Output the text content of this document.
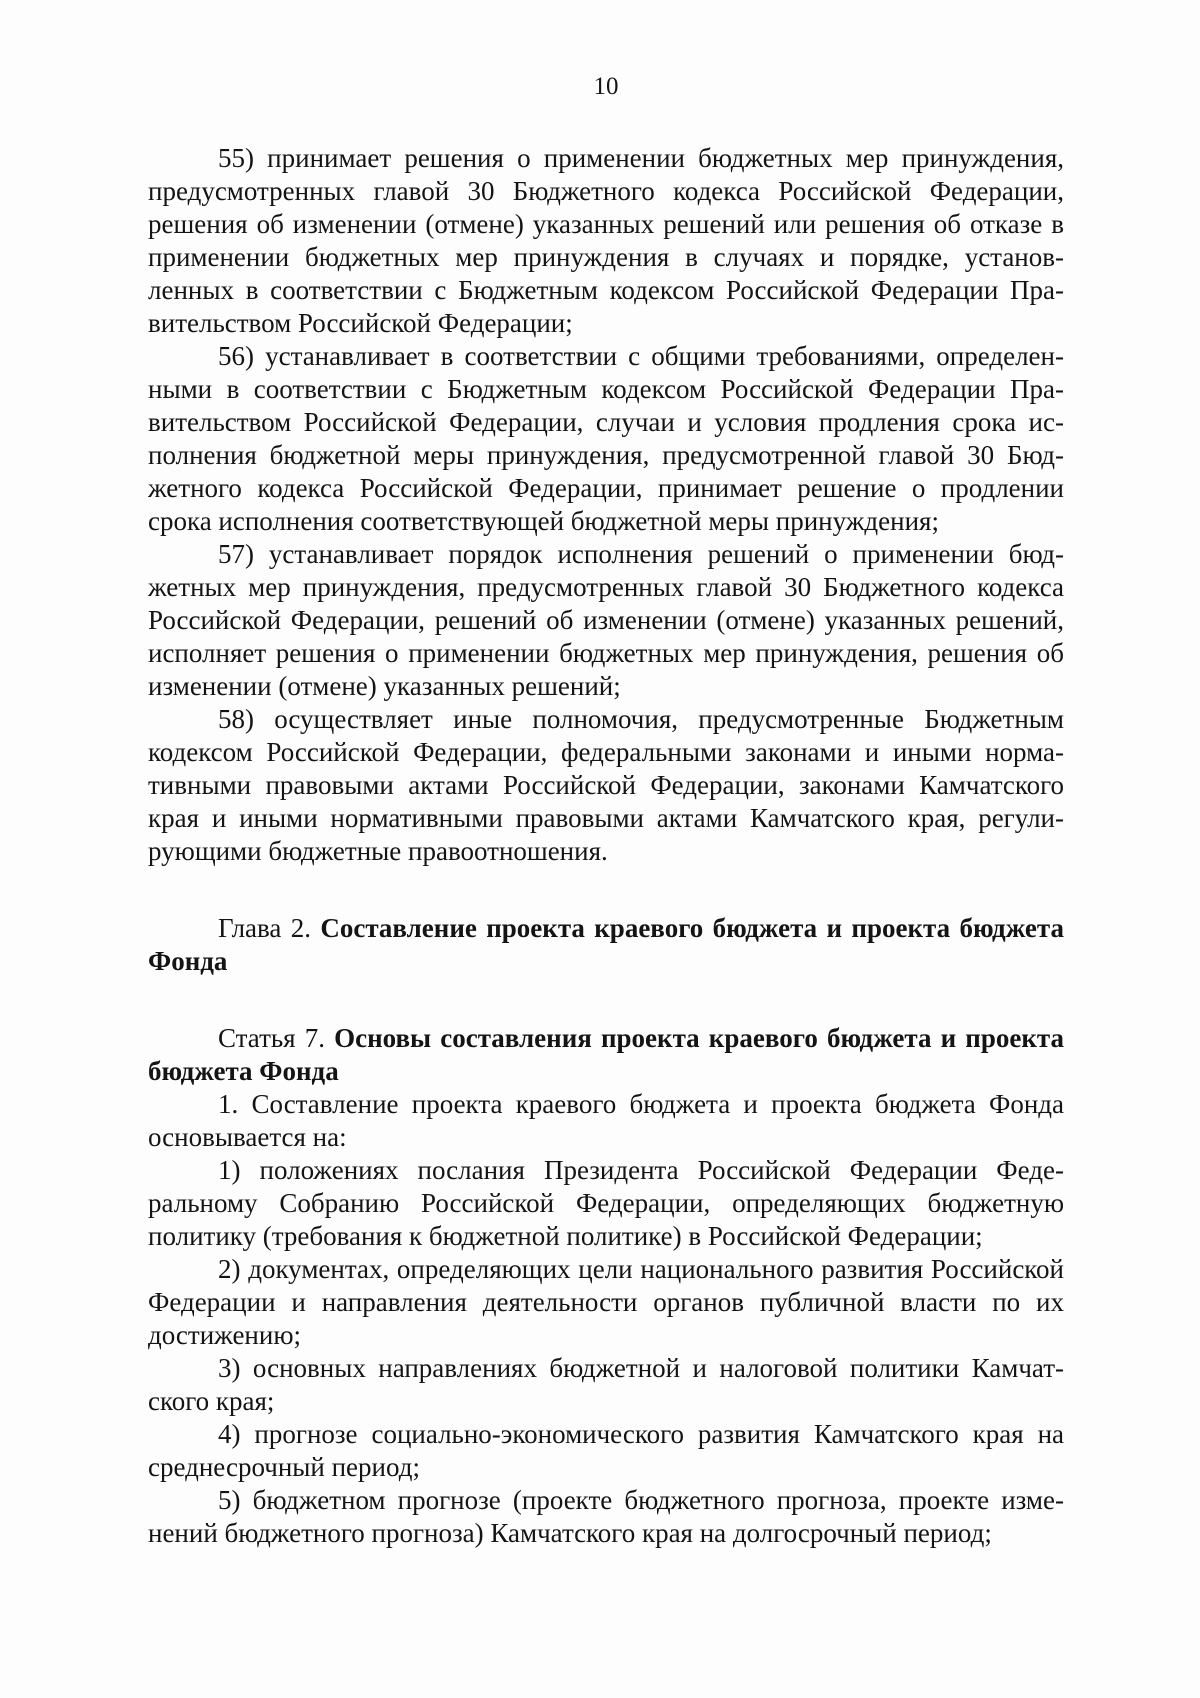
10

55) принимает решения о применении бюджетных мер принуждения, предусмотренных главой 30 Бюджетного кодекса Российской Федерации, решения об изменении (отмене) указанных решений или решения об отказе в применении бюджетных мер принуждения в случаях и порядке, установленных в соответствии с Бюджетным кодексом Российской Федерации Правительством Российской Федерации;

56) устанавливает в соответствии с общими требованиями, определенными в соответствии с Бюджетным кодексом Российской Федерации Правительством Российской Федерации, случаи и условия продления срока исполнения бюджетной меры принуждения, предусмотренной главой 30 Бюджетного кодекса Российской Федерации, принимает решение о продлении срока исполнения соответствующей бюджетной меры принуждения;

57) устанавливает порядок исполнения решений о применении бюджетных мер принуждения, предусмотренных главой 30 Бюджетного кодекса Российской Федерации, решений об изменении (отмене) указанных решений, исполняет решения о применении бюджетных мер принуждения, решения об изменении (отмене) указанных решений;

58) осуществляет иные полномочия, предусмотренные Бюджетным кодексом Российской Федерации, федеральными законами и иными нормативными правовыми актами Российской Федерации, законами Камчатского края и иными нормативными правовыми актами Камчатского края, регулирующими бюджетные правоотношения.

Глава 2. Составление проекта краевого бюджета и проекта бюджета Фонда

Статья 7. Основы составления проекта краевого бюджета и проекта бюджета Фонда

1. Составление проекта краевого бюджета и проекта бюджета Фонда основывается на:

1) положениях послания Президента Российской Федерации Федеральному Собранию Российской Федерации, определяющих бюджетную политику (требования к бюджетной политике) в Российской Федерации;

2) документах, определяющих цели национального развития Российской Федерации и направления деятельности органов публичной власти по их достижению;

3) основных направлениях бюджетной и налоговой политики Камчатского края;

4) прогнозе социально-экономического развития Камчатского края на среднесрочный период;

5) бюджетном прогнозе (проекте бюджетного прогноза, проекте изменений бюджетного прогноза) Камчатского края на долгосрочный период;
